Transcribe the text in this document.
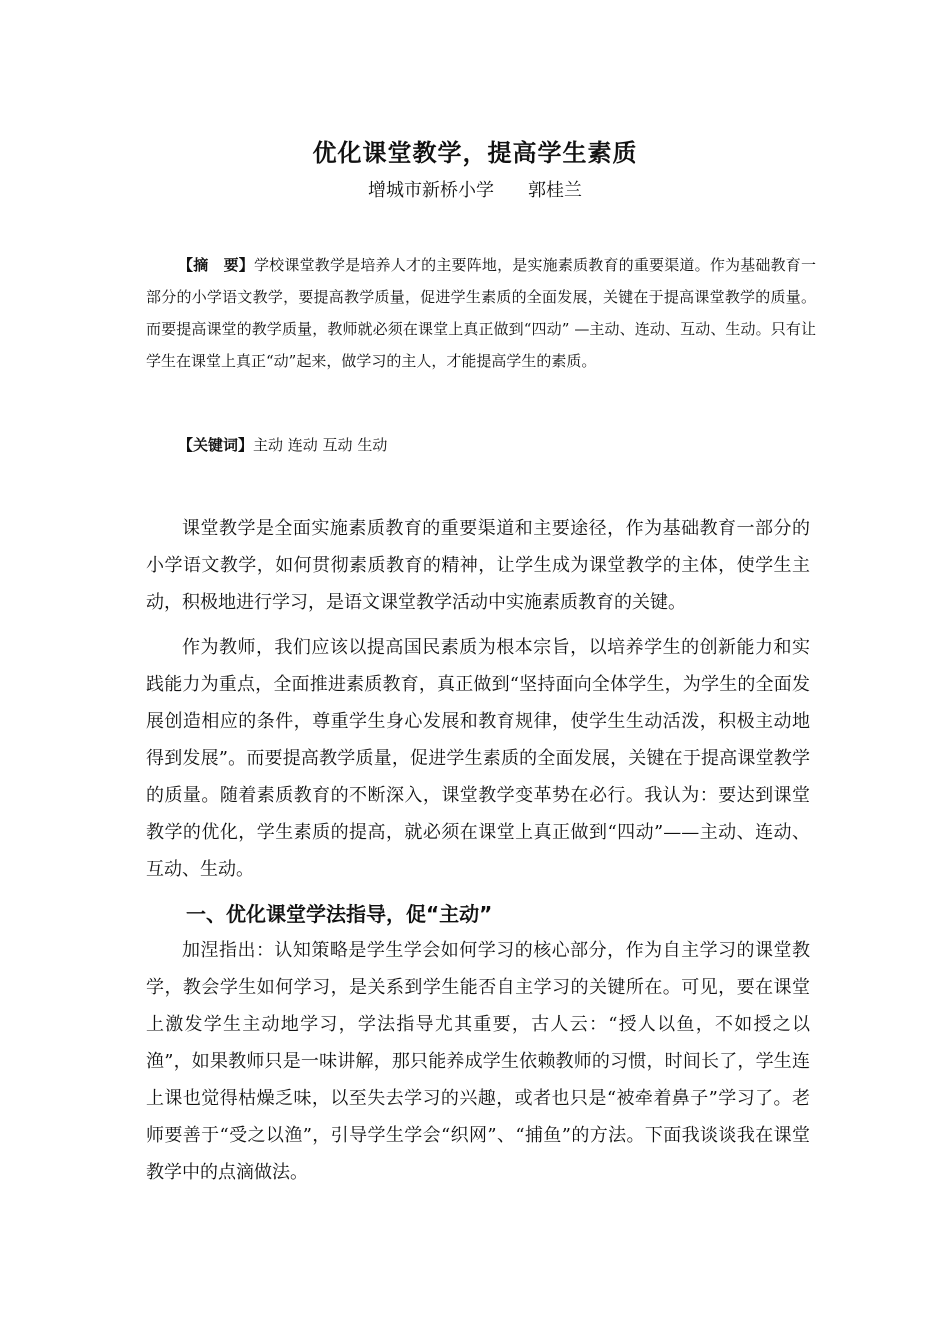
优化课堂教学，提高学生素质
增城市新桥小学 郭桂兰
【摘　要】学校课堂教学是培养人才的主要阵地，是实施素质教育的重要渠道。作为基础教育一部分的小学语文教学，要提高教学质量，促进学生素质的全面发展，关键在于提高课堂教学的质量。而要提高课堂的教学质量，教师就必须在课堂上真正做到“四动” —主动、连动、互动、生动。只有让学生在课堂上真正“动”起来，做学习的主人，才能提高学生的素质。
【关键词】主动 连动 互动 生动

课堂教学是全面实施素质教育的重要渠道和主要途径，作为基础教育一部分的小学语文教学，如何贯彻素质教育的精神，让学生成为课堂教学的主体，使学生主动，积极地进行学习，是语文课堂教学活动中实施素质教育的关键。

作为教师，我们应该以提高国民素质为根本宗旨，以培养学生的创新能力和实践能力为重点，全面推进素质教育，真正做到“坚持面向全体学生，为学生的全面发展创造相应的条件，尊重学生身心发展和教育规律，使学生生动活泼，积极主动地得到发展”。而要提高教学质量，促进学生素质的全面发展，关键在于提高课堂教学的质量。随着素质教育的不断深入，课堂教学变革势在必行。我认为：要达到课堂教学的优化，学生素质的提高，就必须在课堂上真正做到“四动”——主动、连动、互动、生动。

一、优化课堂学法指导，促“主动”

加涅指出：认知策略是学生学会如何学习的核心部分，作为自主学习的课堂教学，教会学生如何学习，是关系到学生能否自主学习的关键所在。可见，要在课堂上激发学生主动地学习，学法指导尤其重要，古人云：“授人以鱼，不如授之以渔”，如果教师只是一味讲解，那只能养成学生依赖教师的习惯，时间长了，学生连上课也觉得枯燥乏味，以至失去学习的兴趣，或者也只是“被牵着鼻子”学习了。老师要善于“受之以渔”，引导学生学会“织网”、“捕鱼”的方法。下面我谈谈我在课堂教学中的点滴做法。
